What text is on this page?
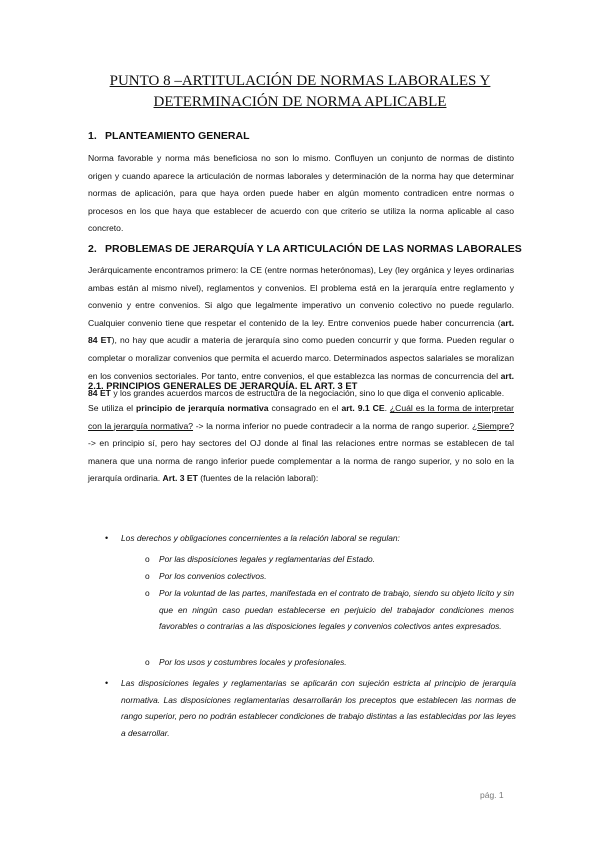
PUNTO 8 –ARTITULACIÓN DE NORMAS LABORALES Y
DETERMINACIÓN DE NORMA APLICABLE
1. PLANTEAMIENTO GENERAL

Norma favorable y norma más beneficiosa no son lo mismo. Confluyen un conjunto de normas de distinto origen y cuando aparece la articulación de normas laborales y determinación de la norma hay que determinar normas de aplicación, para que haya orden puede haber en algún momento contradicen entre normas o procesos en los que haya que establecer de acuerdo con que criterio se utiliza la norma aplicable al caso concreto.

2. PROBLEMAS DE JERARQUÍA Y LA ARTICULACIÓN DE LAS NORMAS LABORALES

Jerárquicamente encontramos primero: la CE (entre normas heterónomas), Ley (ley orgánica y leyes ordinarias ambas están al mismo nivel), reglamentos y convenios. El problema está en la jerarquía entre reglamento y convenio y entre convenios. Si algo que legalmente imperativo un convenio colectivo no puede regularlo. Cualquier convenio tiene que respetar el contenido de la ley. Entre convenios puede haber concurrencia (art. 84 ET), no hay que acudir a materia de jerarquía sino como pueden concurrir y que forma. Pueden regular o completar o moralizar convenios que permita el acuerdo marco. Determinados aspectos salariales se moralizan en los convenios sectoriales. Por tanto, entre convenios, el que establezca las normas de concurrencia del art. 84 ET y los grandes acuerdos marcos de estructura de la negociación, sino lo que diga el convenio aplicable.

2.1. PRINCIPIOS GENERALES DE JERARQUÍA. EL ART. 3 ET

Se utiliza el principio de jerarquía normativa consagrado en el art. 9.1 CE. ¿Cuál es la forma de interpretar con la jerarquía normativa? -> la norma inferior no puede contradecir a la norma de rango superior. ¿Siempre? -> en principio sí, pero hay sectores del OJ donde al final las relaciones entre normas se establecen de tal manera que una norma de rango inferior puede complementar a la norma de rango superior, y no solo en la jerarquía ordinaria. Art. 3 ET (fuentes de la relación laboral):

• Los derechos y obligaciones concernientes a la relación laboral se regulan:
o Por las disposiciones legales y reglamentarias del Estado.
o Por los convenios colectivos.
o Por la voluntad de las partes, manifestada en el contrato de trabajo, siendo su objeto lícito y sin que en ningún caso puedan establecerse en perjuicio del trabajador condiciones menos favorables o contrarias a las disposiciones legales y convenios colectivos antes expresados.
o Por los usos y costumbres locales y profesionales.
• Las disposiciones legales y reglamentarias se aplicarán con sujeción estricta al principio de jerarquía normativa. Las disposiciones reglamentarias desarrollarán los preceptos que establecen las normas de rango superior, pero no podrán establecer condiciones de trabajo distintas a las establecidas por las leyes a desarrollar.
pág. 1
